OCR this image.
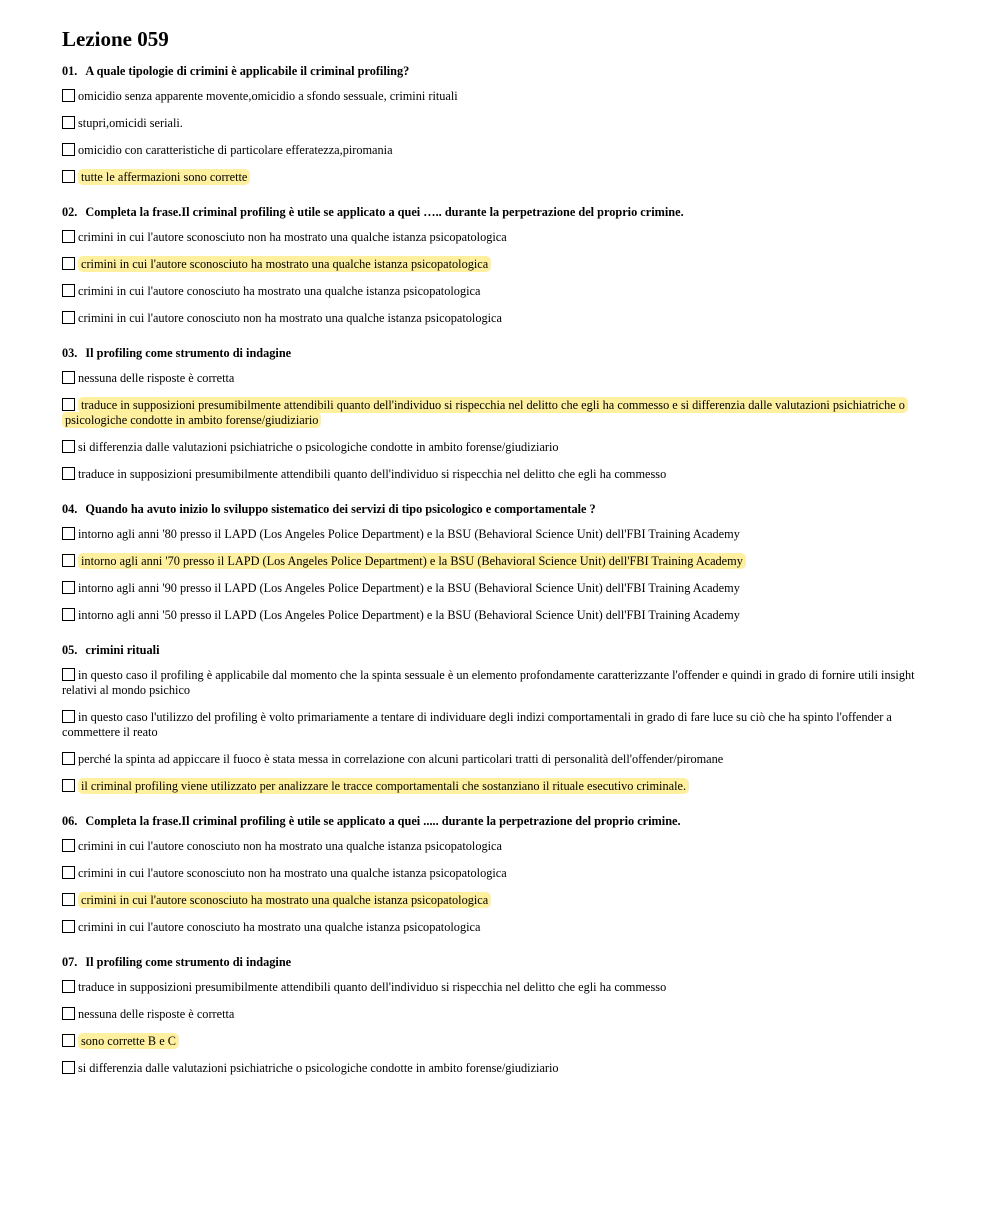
Lezione 059
01. A quale tipologie di crimini è applicabile il criminal profiling?
omicidio senza apparente movente,omicidio a sfondo sessuale, crimini rituali
stupri,omicidi seriali.
omicidio con caratteristiche di particolare efferatezza,piromania
tutte le affermazioni sono corrette
02. Completa la frase.Il criminal profiling è utile se applicato a quei ….. durante la perpetrazione del proprio crimine.
crimini in cui l'autore sconosciuto non ha mostrato una qualche istanza psicopatologica
crimini in cui l'autore sconosciuto ha mostrato una qualche istanza psicopatologica
crimini in cui l'autore conosciuto ha mostrato una qualche istanza psicopatologica
crimini in cui l'autore conosciuto non ha mostrato una qualche istanza psicopatologica
03. Il profiling come strumento di indagine
nessuna delle risposte è corretta
traduce in supposizioni presumibilmente attendibili quanto dell'individuo si rispecchia nel delitto che egli ha commesso e si differenzia dalle valutazioni psichiatriche o psicologiche condotte in ambito forense/giudiziario
si differenzia dalle valutazioni psichiatriche o psicologiche condotte in ambito forense/giudiziario
traduce in supposizioni presumibilmente attendibili quanto dell'individuo si rispecchia nel delitto che egli ha commesso
04. Quando ha avuto inizio lo sviluppo sistematico dei servizi di tipo psicologico e comportamentale ?
intorno agli anni '80 presso il LAPD (Los Angeles Police Department) e la BSU (Behavioral Science Unit) dell'FBI Training Academy
intorno agli anni '70 presso il LAPD (Los Angeles Police Department) e la BSU (Behavioral Science Unit) dell'FBI Training Academy
intorno agli anni '90 presso il LAPD (Los Angeles Police Department) e la BSU (Behavioral Science Unit) dell'FBI Training Academy
intorno agli anni '50 presso il LAPD (Los Angeles Police Department) e la BSU (Behavioral Science Unit) dell'FBI Training Academy
05. crimini rituali
in questo caso il profiling è applicabile dal momento che la spinta sessuale è un elemento profondamente caratterizzante l'offender e quindi in grado di fornire utili insight relativi al mondo psichico
in questo caso l'utilizzo del profiling è volto primariamente a tentare di individuare degli indizi comportamentali in grado di fare luce su ciò che ha spinto l'offender a commettere il reato
perché la spinta ad appiccare il fuoco è stata messa in correlazione con alcuni particolari tratti di personalità dell'offender/piromane
il criminal profiling viene utilizzato per analizzare le tracce comportamentali che sostanziano il rituale esecutivo criminale.
06. Completa la frase.Il criminal profiling è utile se applicato a quei ..... durante la perpetrazione del proprio crimine.
crimini in cui l'autore conosciuto non ha mostrato una qualche istanza psicopatologica
crimini in cui l'autore sconosciuto non ha mostrato una qualche istanza psicopatologica
crimini in cui l'autore sconosciuto ha mostrato una qualche istanza psicopatologica
crimini in cui l'autore conosciuto ha mostrato una qualche istanza psicopatologica
07. Il profiling come strumento di indagine
traduce in supposizioni presumibilmente attendibili quanto dell'individuo si rispecchia nel delitto che egli ha commesso
nessuna delle risposte è corretta
sono corrette B e C
si differenzia dalle valutazioni psichiatriche o psicologiche condotte in ambito forense/giudiziario
